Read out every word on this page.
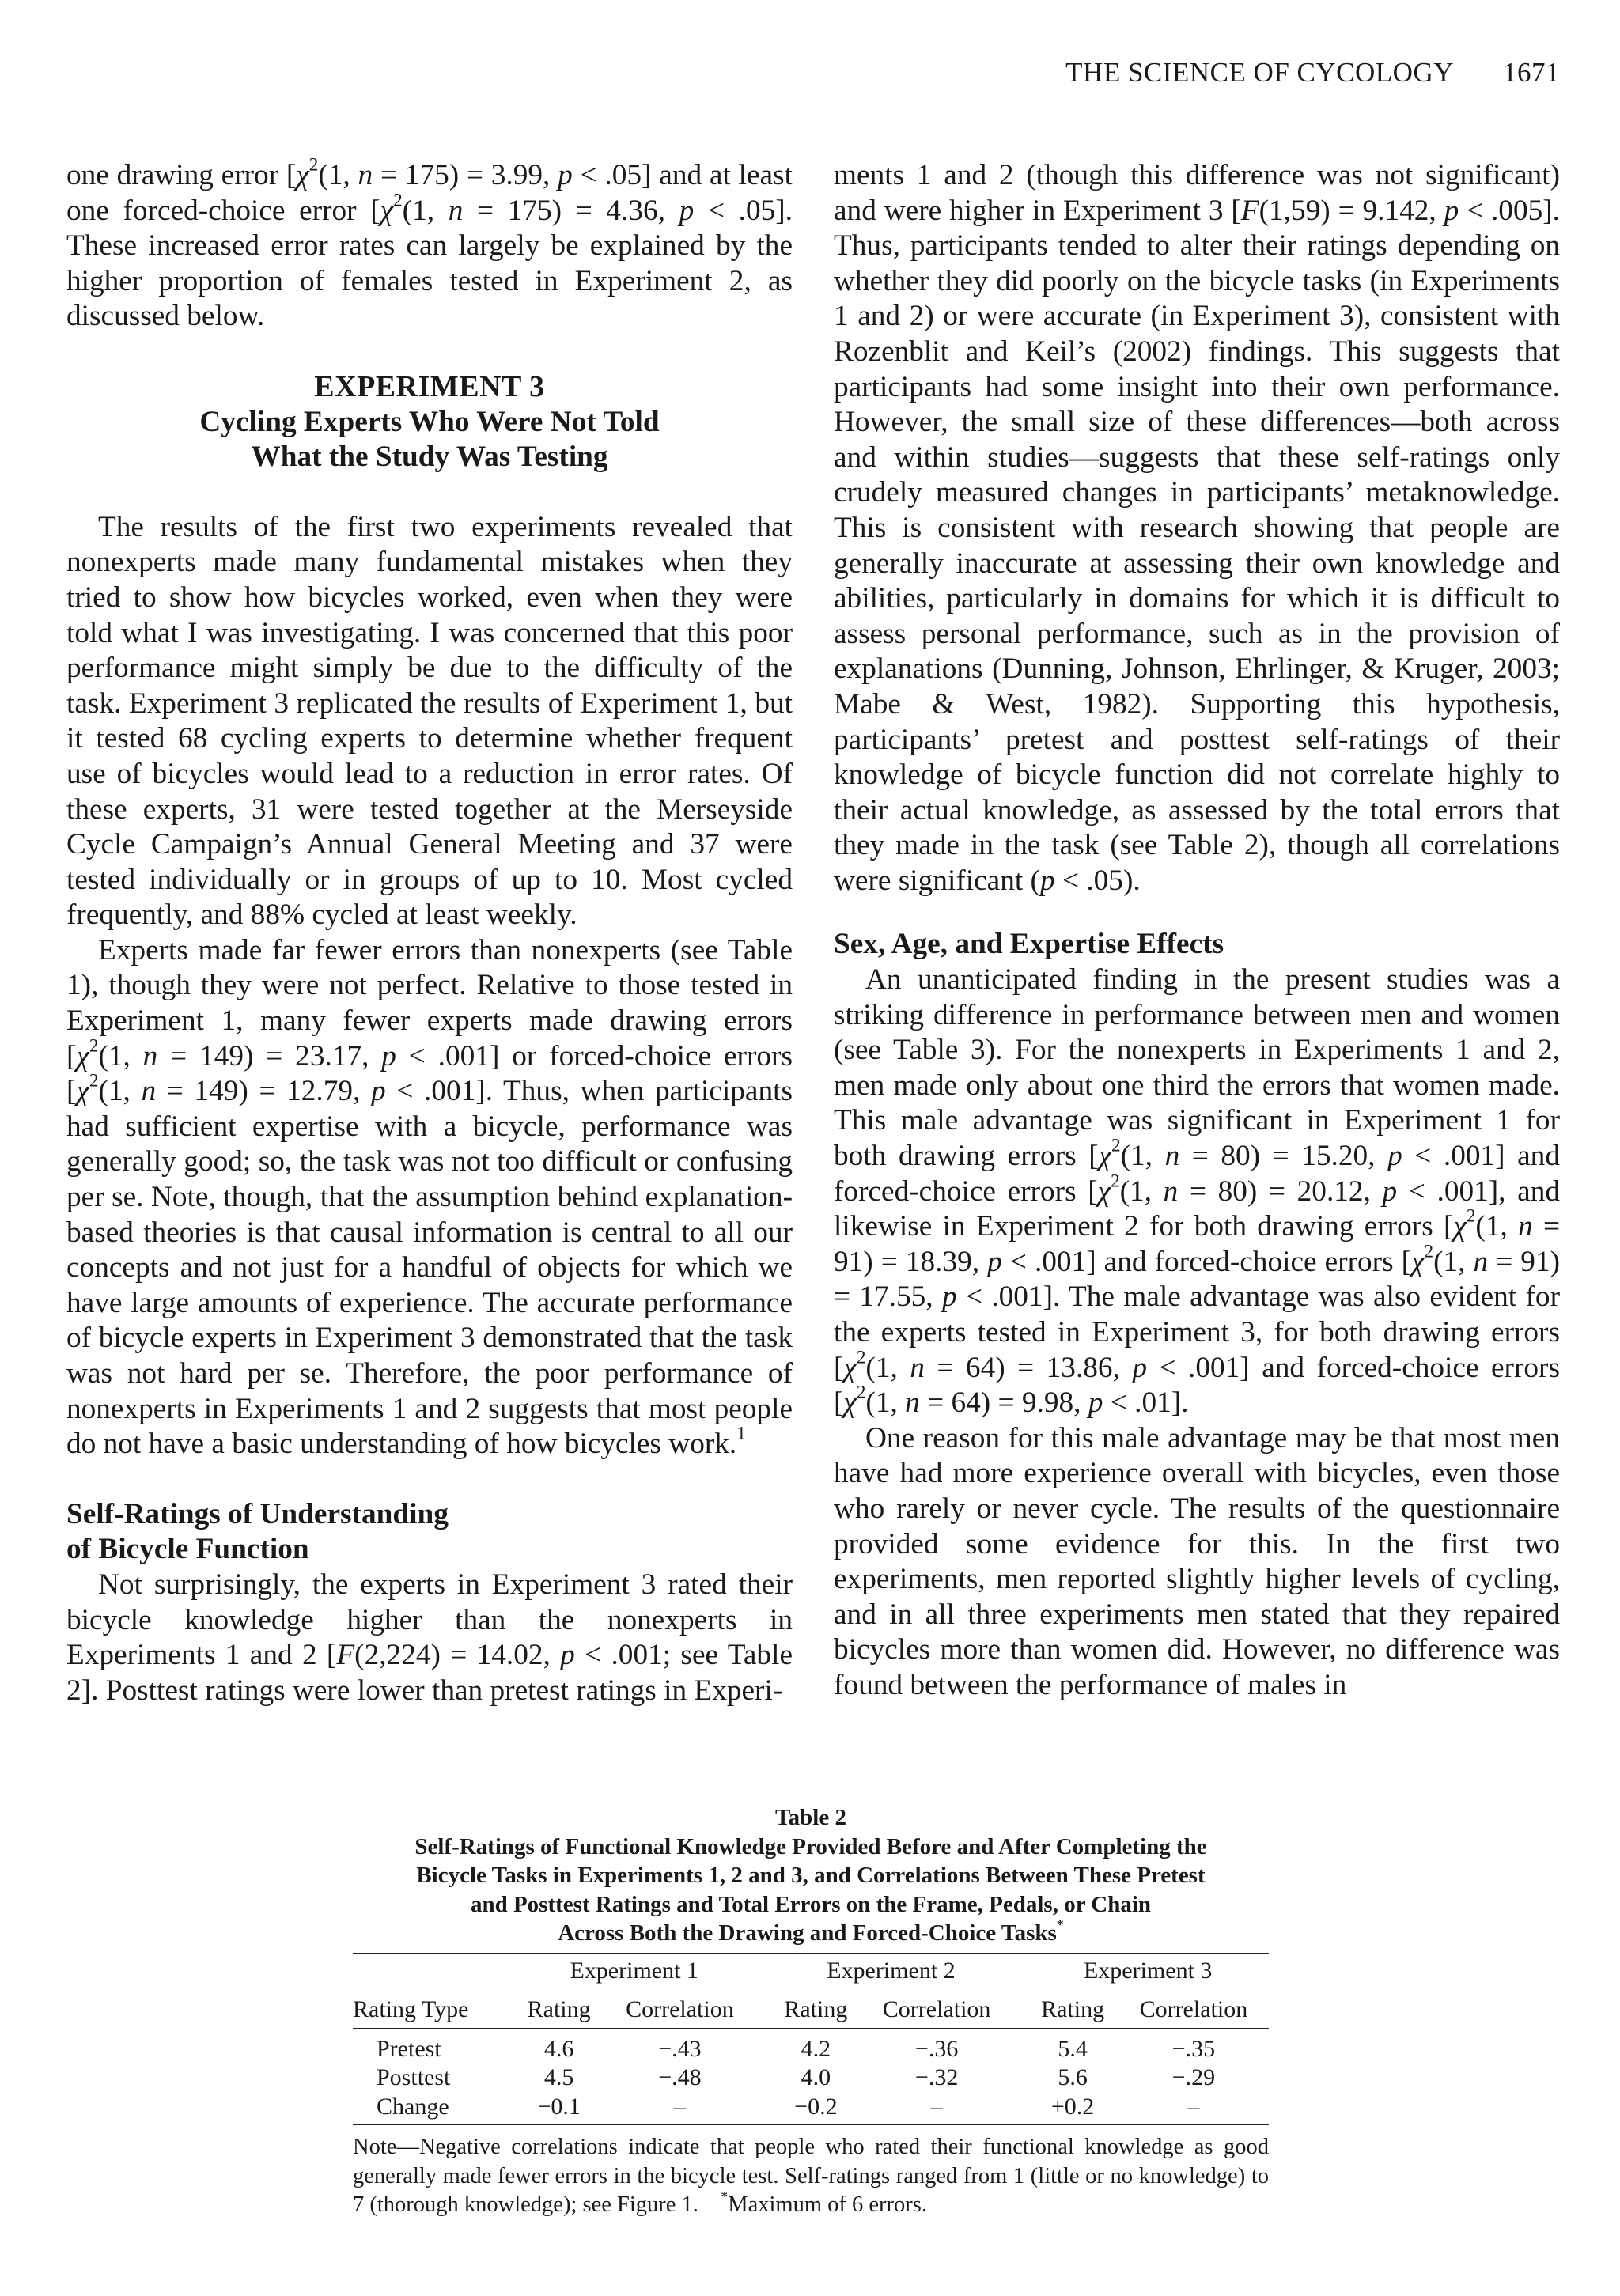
THE SCIENCE OF CYCOLOGY 1671

one drawing error [$\chi^2(1$, n = 175) = 3.99, p < .05] and at least one forced-choice error [$\chi^2(1$, n = 175) = 4.36, p < .05]. These increased error rates can largely be explained by the higher proportion of females tested in Experiment 2, as discussed below.

EXPERIMENT 3
Cycling Experts Who Were Not Told
What the Study Was Testing

The results of the first two experiments revealed that nonexperts made many fundamental mistakes when they tried to show how bicycles worked, even when they were told what I was investigating. I was concerned that this poor performance might simply be due to the difficulty of the task. Experiment 3 replicated the results of Experiment 1, but it tested 68 cycling experts to determine whether frequent use of bicycles would lead to a reduction in error rates. Of these experts, 31 were tested together at the Merseyside Cycle Campaign’s Annual General Meeting and 37 were tested individually or in groups of up to 10. Most cycled frequently, and 88% cycled at least weekly.

Experts made far fewer errors than nonexperts (see Table 1), though they were not perfect. Relative to those tested in Experiment 1, many fewer experts made drawing errors [$\chi^2(1$, n = 149) = 23.17, p < .001] or forced-choice errors [$\chi^2(1$, n = 149) = 12.79, p < .001]. Thus, when participants had sufficient expertise with a bicycle, performance was generally good; so, the task was not too difficult or confusing per se. Note, though, that the assumption behind explanation-based theories is that causal information is central to all our concepts and not just for a handful of objects for which we have large amounts of experience. The accurate performance of bicycle experts in Experiment 3 demonstrated that the task was not hard per se. Therefore, the poor performance of nonexperts in Experiments 1 and 2 suggests that most people do not have a basic understanding of how bicycles work.$^1$

Self-Ratings of Understanding
of Bicycle Function

Not surprisingly, the experts in Experiment 3 rated their bicycle knowledge higher than the nonexperts in Experiments 1 and 2 [F(2,224) = 14.02, p < .001; see Table 2]. Posttest ratings were lower than pretest ratings in Experi-

ments 1 and 2 (though this difference was not significant) and were higher in Experiment 3 [F(1,59) = 9.142, p < .005]. Thus, participants tended to alter their ratings depending on whether they did poorly on the bicycle tasks (in Experiments 1 and 2) or were accurate (in Experiment 3), consistent with Rozenblit and Keil’s (2002) findings. This suggests that participants had some insight into their own performance. However, the small size of these differences—both across and within studies—suggests that these self-ratings only crudely measured changes in participants’ metaknowledge. This is consistent with research showing that people are generally inaccurate at assessing their own knowledge and abilities, particularly in domains for which it is difficult to assess personal performance, such as in the provision of explanations (Dunning, Johnson, Ehrlinger, & Kruger, 2003; Mabe & West, 1982). Supporting this hypothesis, participants’ pretest and posttest self-ratings of their knowledge of bicycle function did not correlate highly to their actual knowledge, as assessed by the total errors that they made in the task (see Table 2), though all correlations were significant (p < .05).

Sex, Age, and Expertise Effects

An unanticipated finding in the present studies was a striking difference in performance between men and women (see Table 3). For the nonexperts in Experiments 1 and 2, men made only about one third the errors that women made. This male advantage was significant in Experiment 1 for both drawing errors [$\chi^2(1$, n = 80) = 15.20, p < .001] and forced-choice errors [$\chi^2(1$, n = 80) = 20.12, p < .001], and likewise in Experiment 2 for both drawing errors [$\chi^2(1$, n = 91) = 18.39, p < .001] and forced-choice errors [$\chi^2(1$, n = 91) = 17.55, p < .001]. The male advantage was also evident for the experts tested in Experiment 3, for both drawing errors [$\chi^2(1$, n = 64) = 13.86, p < .001] and forced-choice errors [$\chi^2(1$, n = 64) = 9.98, p < .01].

One reason for this male advantage may be that most men have had more experience overall with bicycles, even those who rarely or never cycle. The results of the questionnaire provided some evidence for this. In the first two experiments, men reported slightly higher levels of cycling, and in all three experiments men stated that they repaired bicycles more than women did. However, no difference was found between the performance of males in

Table 2
Self-Ratings of Functional Knowledge Provided Before and After Completing the
Bicycle Tasks in Experiments 1, 2 and 3, and Correlations Between These Pretest
and Posttest Ratings and Total Errors on the Frame, Pedals, or Chain
Across Both the Drawing and Forced-Choice Tasks*

	Experiment 1			Experiment 2			Experiment 3	
Rating Type	Rating	Correlation		Rating	Correlation		Rating	Correlation
Pretest	4.6	−.43		4.2	−.36		5.4	−.35
Posttest	4.5	−.48		4.0	−.32		5.6	−.29
Change	−0.1	–		−0.2	–		+0.2	–
Note—Negative correlations indicate that people who rated their functional knowledge as good generally made fewer errors in the bicycle test. Self-ratings ranged from 1 (little or no knowledge) to 7 (thorough knowledge); see Figure 1. *Maximum of 6 errors.
